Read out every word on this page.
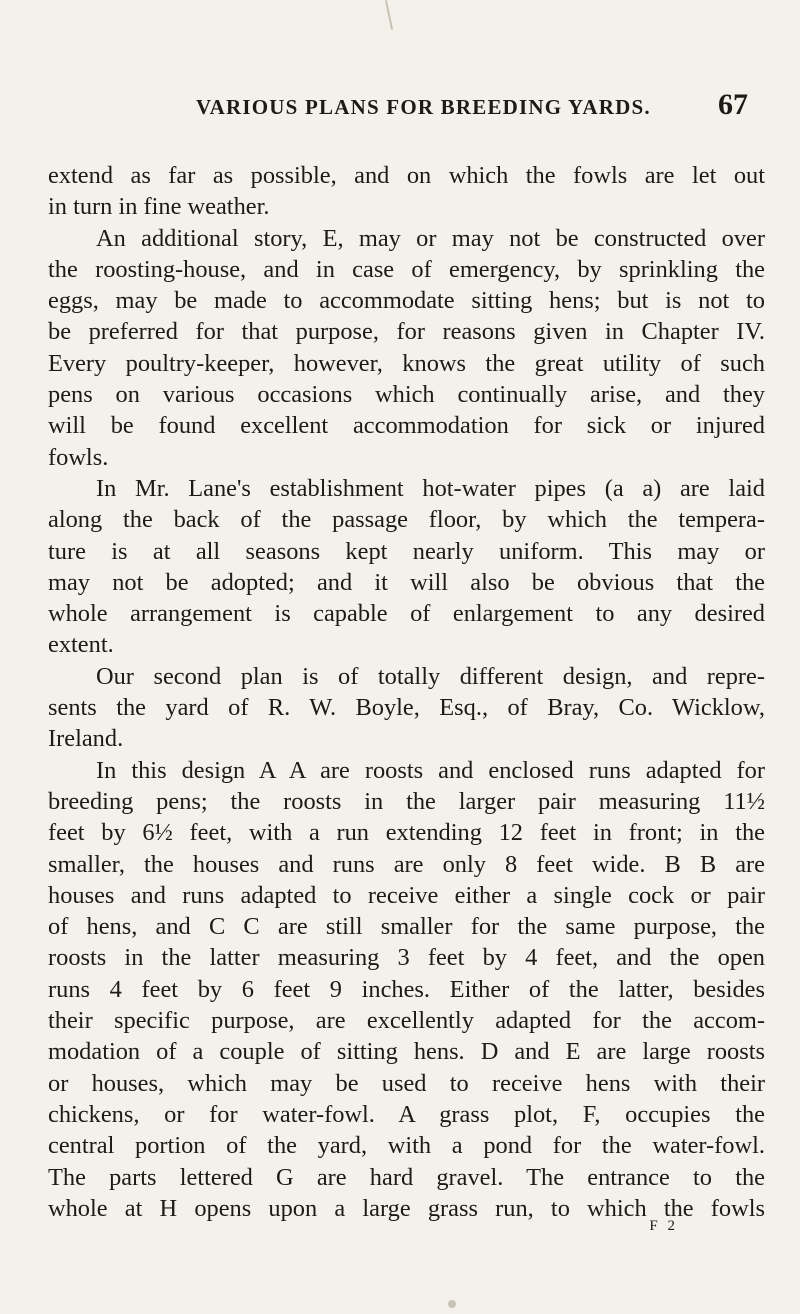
VARIOUS PLANS FOR BREEDING YARDS. 67
extend as far as possible, and on which the fowls are let out
in turn in fine weather.
An additional story, E, may or may not be constructed over
the roosting-house, and in case of emergency, by sprinkling the
eggs, may be made to accommodate sitting hens; but is not to
be preferred for that purpose, for reasons given in Chapter IV.
Every poultry-keeper, however, knows the great utility of such
pens on various occasions which continually arise, and they
will be found excellent accommodation for sick or injured
fowls.
In Mr. Lane's establishment hot-water pipes (a a) are laid
along the back of the passage floor, by which the tempera-
ture is at all seasons kept nearly uniform. This may or
may not be adopted; and it will also be obvious that the
whole arrangement is capable of enlargement to any desired
extent.
Our second plan is of totally different design, and repre-
sents the yard of R. W. Boyle, Esq., of Bray, Co. Wicklow,
Ireland.
In this design A A are roosts and enclosed runs adapted for
breeding pens; the roosts in the larger pair measuring 11½
feet by 6½ feet, with a run extending 12 feet in front; in the
smaller, the houses and runs are only 8 feet wide. B B are
houses and runs adapted to receive either a single cock or pair
of hens, and C C are still smaller for the same purpose, the
roosts in the latter measuring 3 feet by 4 feet, and the open
runs 4 feet by 6 feet 9 inches. Either of the latter, besides
their specific purpose, are excellently adapted for the accom-
modation of a couple of sitting hens. D and E are large roosts
or houses, which may be used to receive hens with their
chickens, or for water-fowl. A grass plot, F, occupies the
central portion of the yard, with a pond for the water-fowl.
The parts lettered G are hard gravel. The entrance to the
whole at H opens upon a large grass run, to which the fowls
F 2
